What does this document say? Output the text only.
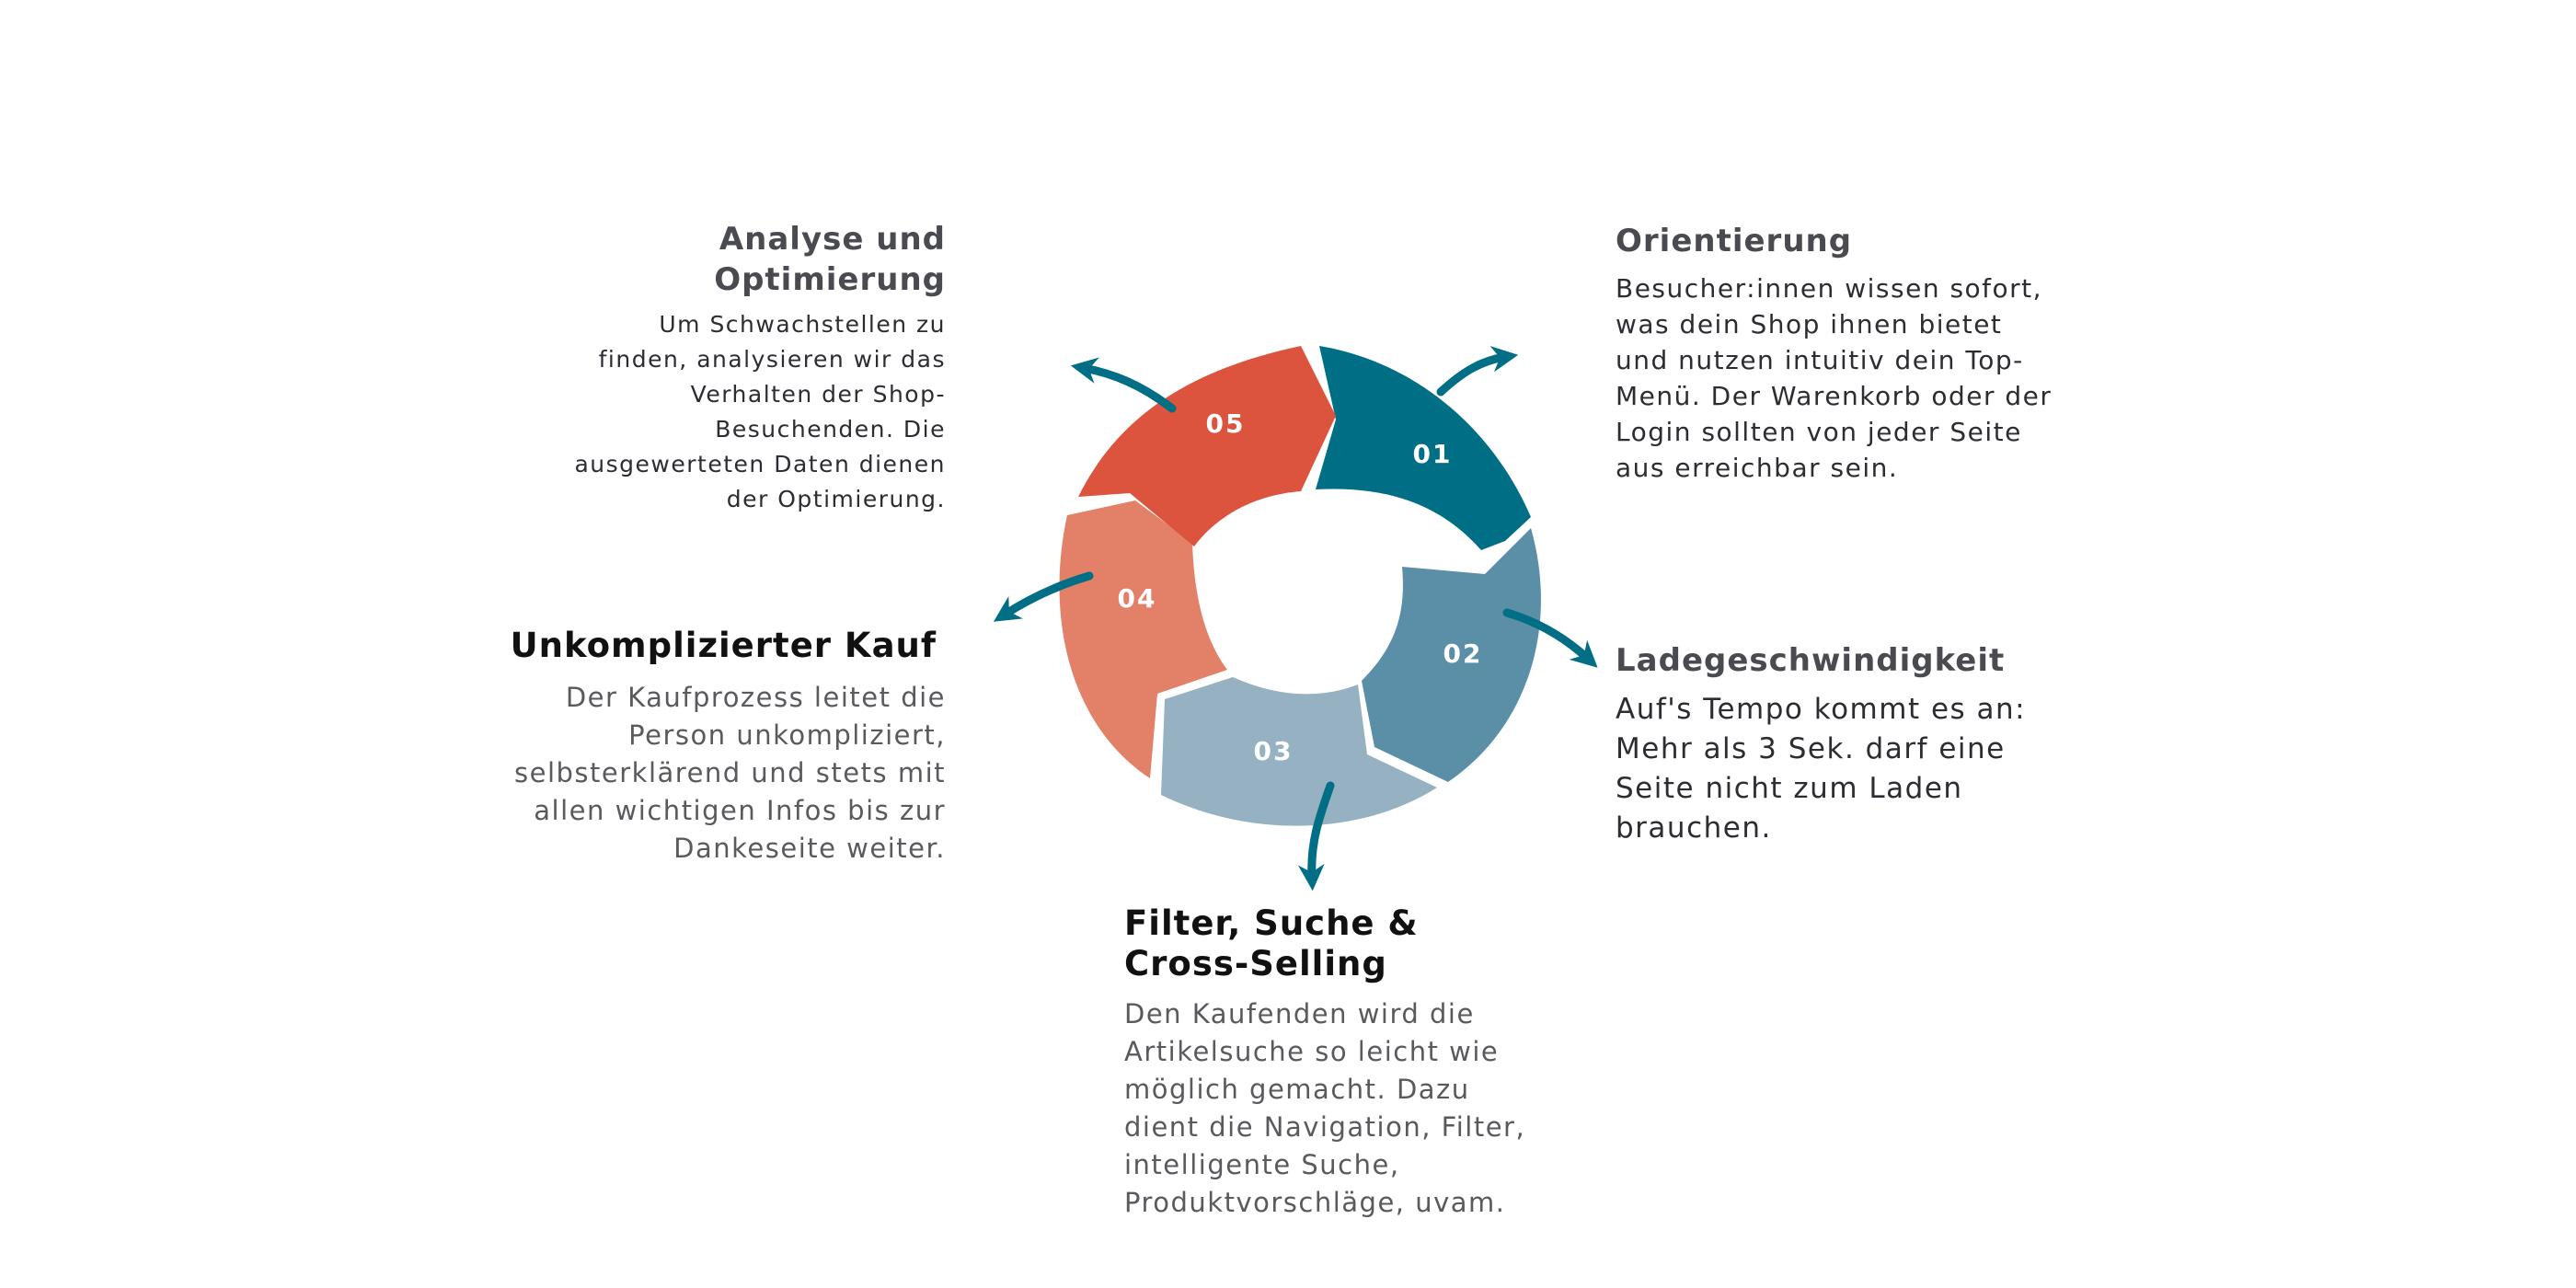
01
02
03
04
05

Analyse und Optimierung

Um Schwachstellen zu finden, analysieren wir das Verhalten der Shop-Besuchenden. Die ausgewerteten Daten dienen der Optimierung.

Orientierung

Besucher:innen wissen sofort, was dein Shop ihnen bietet und nutzen intuitiv dein Top-Menü. Der Warenkorb oder der Login sollten von jeder Seite aus erreichbar sein.

Ladegeschwindigkeit

Auf's Tempo kommt es an: Mehr als 3 Sek. darf eine Seite nicht zum Laden brauchen.

Unkomplizierter Kauf

Der Kaufprozess leitet die Person unkompliziert, selbsterklärend und stets mit allen wichtigen Infos bis zur Dankeseite weiter.

Filter, Suche & Cross-Selling

Den Kaufenden wird die Artikelsuche so leicht wie möglich gemacht. Dazu dient die Navigation, Filter, intelligente Suche, Produktvorschläge, uvam.
